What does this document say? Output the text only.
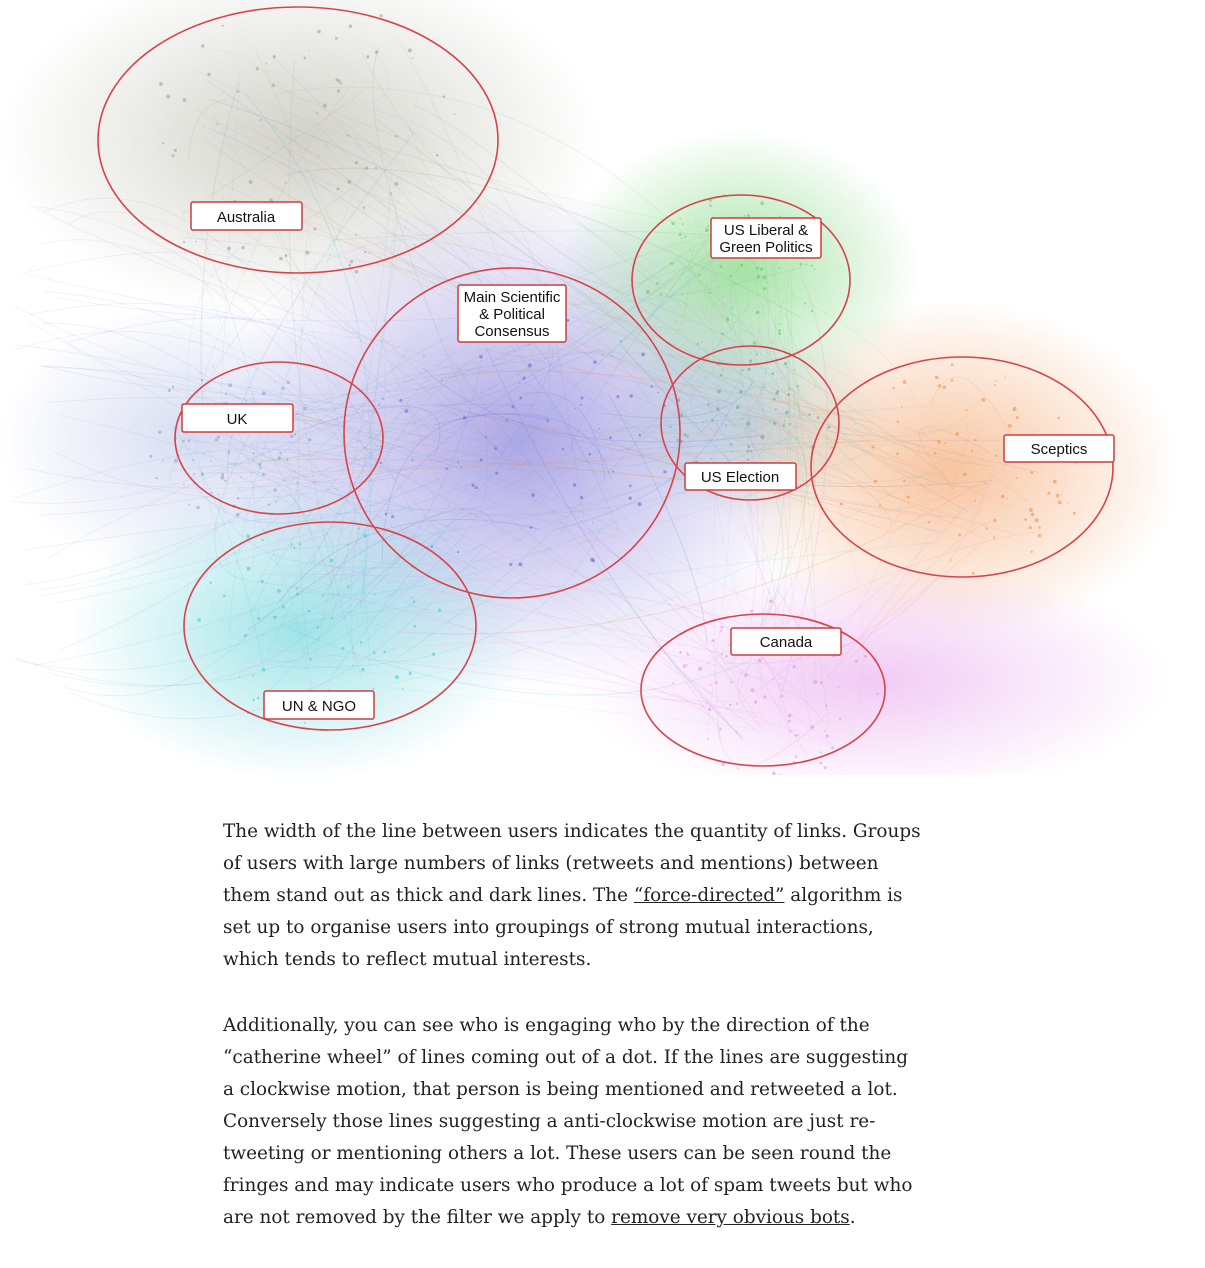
Australia
US Liberal &
Green Politics
Main Scientific
& Political
Consensus
UK
US Election
Sceptics
Canada
UN & NGO

The width of the line between users indicates the quantity of links. Groups of users with large numbers of links (retweets and mentions) between them stand out as thick and dark lines. The “force-directed” algorithm is set up to organise users into groupings of strong mutual interactions, which tends to reflect mutual interests.

Additionally, you can see who is engaging who by the direction of the “catherine wheel” of lines coming out of a dot. If the lines are suggesting a clockwise motion, that person is being mentioned and retweeted a lot. Conversely those lines suggesting a anti-clockwise motion are just re-tweeting or mentioning others a lot. These users can be seen round the fringes and may indicate users who produce a lot of spam tweets but who are not removed by the filter we apply to remove very obvious bots.
